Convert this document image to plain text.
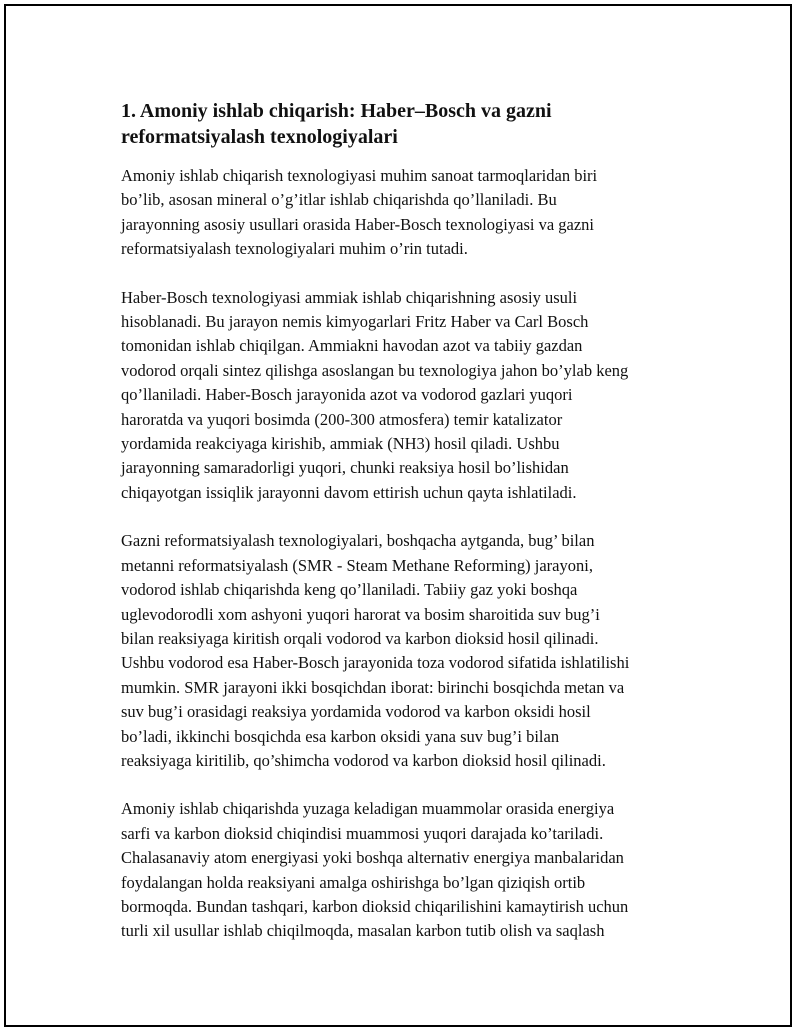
1. Amoniy ishlab chiqarish: Haber–Bosch va gazni
reformatsiyalash texnologiyalari

Amoniy ishlab chiqarish texnologiyasi muhim sanoat tarmoqlaridan biri
bo’lib, asosan mineral o’g’itlar ishlab chiqarishda qo’llaniladi. Bu
jarayonning asosiy usullari orasida Haber-Bosch texnologiyasi va gazni
reformatsiyalash texnologiyalari muhim o’rin tutadi.

Haber-Bosch texnologiyasi ammiak ishlab chiqarishning asosiy usuli
hisoblanadi. Bu jarayon nemis kimyogarlari Fritz Haber va Carl Bosch
tomonidan ishlab chiqilgan. Ammiakni havodan azot va tabiiy gazdan
vodorod orqali sintez qilishga asoslangan bu texnologiya jahon bo’ylab keng
qo’llaniladi. Haber-Bosch jarayonida azot va vodorod gazlari yuqori
haroratda va yuqori bosimda (200-300 atmosfera) temir katalizator
yordamida reakciyaga kirishib, ammiak (NH3) hosil qiladi. Ushbu
jarayonning samaradorligi yuqori, chunki reaksiya hosil bo’lishidan
chiqayotgan issiqlik jarayonni davom ettirish uchun qayta ishlatiladi.

Gazni reformatsiyalash texnologiyalari, boshqacha aytganda, bug’ bilan
metanni reformatsiyalash (SMR - Steam Methane Reforming) jarayoni,
vodorod ishlab chiqarishda keng qo’llaniladi. Tabiiy gaz yoki boshqa
uglevodorodli xom ashyoni yuqori harorat va bosim sharoitida suv bug’i
bilan reaksiyaga kiritish orqali vodorod va karbon dioksid hosil qilinadi.
Ushbu vodorod esa Haber-Bosch jarayonida toza vodorod sifatida ishlatilishi
mumkin. SMR jarayoni ikki bosqichdan iborat: birinchi bosqichda metan va
suv bug’i orasidagi reaksiya yordamida vodorod va karbon oksidi hosil
bo’ladi, ikkinchi bosqichda esa karbon oksidi yana suv bug’i bilan
reaksiyaga kiritilib, qo’shimcha vodorod va karbon dioksid hosil qilinadi.

Amoniy ishlab chiqarishda yuzaga keladigan muammolar orasida energiya
sarfi va karbon dioksid chiqindisi muammosi yuqori darajada ko’tariladi.
Chalasanaviy atom energiyasi yoki boshqa alternativ energiya manbalaridan
foydalangan holda reaksiyani amalga oshirishga bo’lgan qiziqish ortib
bormoqda. Bundan tashqari, karbon dioksid chiqarilishini kamaytirish uchun
turli xil usullar ishlab chiqilmoqda, masalan karbon tutib olish va saqlash
